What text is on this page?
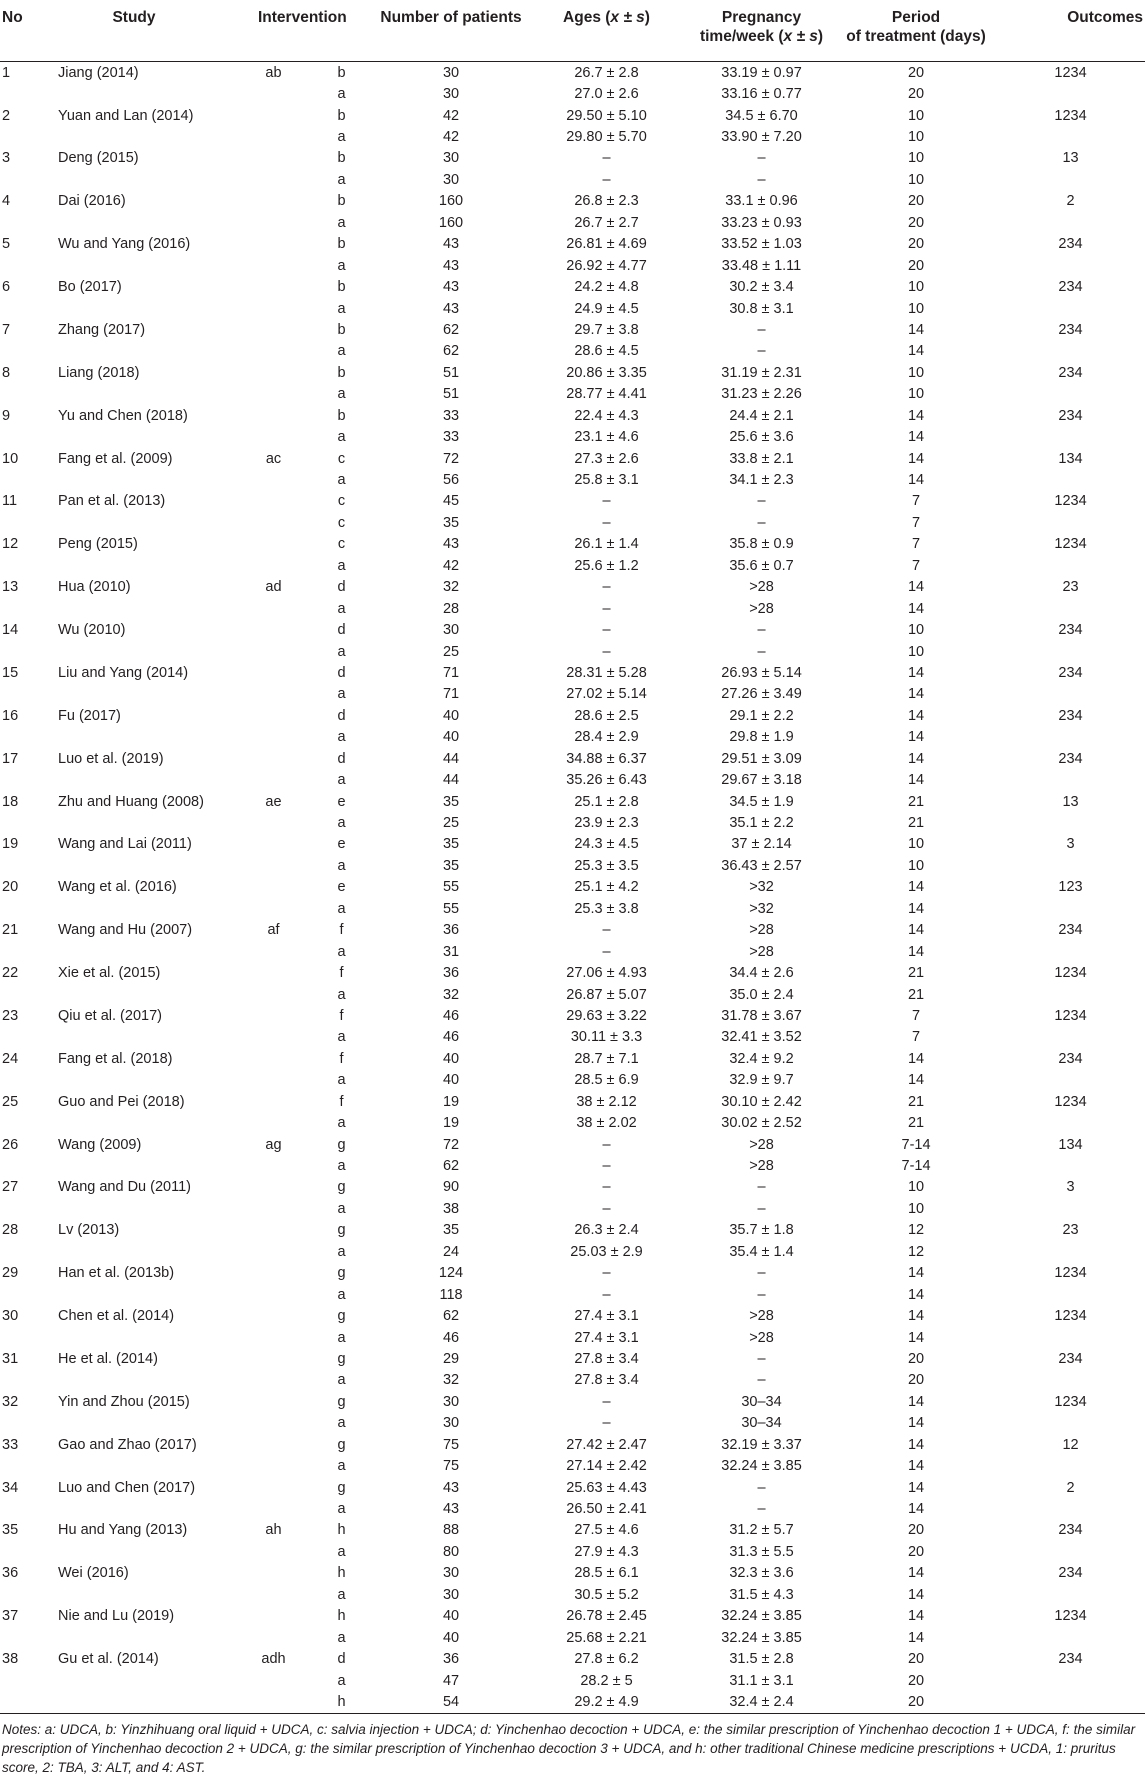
No	Study	Intervention		Number of patients	Ages (x ± s)	Pregnancy
time/week (x ± s)	Period
of treatment (days)	Outcomes
1	Jiang (2014)	ab	b	30	26.7 ± 2.8	33.19 ± 0.97	20	1234
			a	30	27.0 ± 2.6	33.16 ± 0.77	20	
2	Yuan and Lan (2014)		b	42	29.50 ± 5.10	34.5 ± 6.70	10	1234
			a	42	29.80 ± 5.70	33.90 ± 7.20	10	
3	Deng (2015)		b	30	–	–	10	13
			a	30	–	–	10	
4	Dai (2016)		b	160	26.8 ± 2.3	33.1 ± 0.96	20	2
			a	160	26.7 ± 2.7	33.23 ± 0.93	20	
5	Wu and Yang (2016)		b	43	26.81 ± 4.69	33.52 ± 1.03	20	234
			a	43	26.92 ± 4.77	33.48 ± 1.11	20	
6	Bo (2017)		b	43	24.2 ± 4.8	30.2 ± 3.4	10	234
			a	43	24.9 ± 4.5	30.8 ± 3.1	10	
7	Zhang (2017)		b	62	29.7 ± 3.8	–	14	234
			a	62	28.6 ± 4.5	–	14	
8	Liang (2018)		b	51	20.86 ± 3.35	31.19 ± 2.31	10	234
			a	51	28.77 ± 4.41	31.23 ± 2.26	10	
9	Yu and Chen (2018)		b	33	22.4 ± 4.3	24.4 ± 2.1	14	234
			a	33	23.1 ± 4.6	25.6 ± 3.6	14	
10	Fang et al. (2009)	ac	c	72	27.3 ± 2.6	33.8 ± 2.1	14	134
			a	56	25.8 ± 3.1	34.1 ± 2.3	14	
11	Pan et al. (2013)		c	45	–	–	7	1234
			c	35	–	–	7	
12	Peng (2015)		c	43	26.1 ± 1.4	35.8 ± 0.9	7	1234
			a	42	25.6 ± 1.2	35.6 ± 0.7	7	
13	Hua (2010)	ad	d	32	–	>28	14	23
			a	28	–	>28	14	
14	Wu (2010)		d	30	–	–	10	234
			a	25	–	–	10	
15	Liu and Yang (2014)		d	71	28.31 ± 5.28	26.93 ± 5.14	14	234
			a	71	27.02 ± 5.14	27.26 ± 3.49	14	
16	Fu (2017)		d	40	28.6 ± 2.5	29.1 ± 2.2	14	234
			a	40	28.4 ± 2.9	29.8 ± 1.9	14	
17	Luo et al. (2019)		d	44	34.88 ± 6.37	29.51 ± 3.09	14	234
			a	44	35.26 ± 6.43	29.67 ± 3.18	14	
18	Zhu and Huang (2008)	ae	e	35	25.1 ± 2.8	34.5 ± 1.9	21	13
			a	25	23.9 ± 2.3	35.1 ± 2.2	21	
19	Wang and Lai (2011)		e	35	24.3 ± 4.5	37 ± 2.14	10	3
			a	35	25.3 ± 3.5	36.43 ± 2.57	10	
20	Wang et al. (2016)		e	55	25.1 ± 4.2	>32	14	123
			a	55	25.3 ± 3.8	>32	14	
21	Wang and Hu (2007)	af	f	36	–	>28	14	234
			a	31	–	>28	14	
22	Xie et al. (2015)		f	36	27.06 ± 4.93	34.4 ± 2.6	21	1234
			a	32	26.87 ± 5.07	35.0 ± 2.4	21	
23	Qiu et al. (2017)		f	46	29.63 ± 3.22	31.78 ± 3.67	7	1234
			a	46	30.11 ± 3.3	32.41 ± 3.52	7	
24	Fang et al. (2018)		f	40	28.7 ± 7.1	32.4 ± 9.2	14	234
			a	40	28.5 ± 6.9	32.9 ± 9.7	14	
25	Guo and Pei (2018)		f	19	38 ± 2.12	30.10 ± 2.42	21	1234
			a	19	38 ± 2.02	30.02 ± 2.52	21	
26	Wang (2009)	ag	g	72	–	>28	7-14	134
			a	62	–	>28	7-14	
27	Wang and Du (2011)		g	90	–	–	10	3
			a	38	–	–	10	
28	Lv (2013)		g	35	26.3 ± 2.4	35.7 ± 1.8	12	23
			a	24	25.03 ± 2.9	35.4 ± 1.4	12	
29	Han et al. (2013b)		g	124	–	–	14	1234
			a	118	–	–	14	
30	Chen et al. (2014)		g	62	27.4 ± 3.1	>28	14	1234
			a	46	27.4 ± 3.1	>28	14	
31	He et al. (2014)		g	29	27.8 ± 3.4	–	20	234
			a	32	27.8 ± 3.4	–	20	
32	Yin and Zhou (2015)		g	30	–	30–34	14	1234
			a	30	–	30–34	14	
33	Gao and Zhao (2017)		g	75	27.42 ± 2.47	32.19 ± 3.37	14	12
			a	75	27.14 ± 2.42	32.24 ± 3.85	14	
34	Luo and Chen (2017)		g	43	25.63 ± 4.43	–	14	2
			a	43	26.50 ± 2.41	–	14	
35	Hu and Yang (2013)	ah	h	88	27.5 ± 4.6	31.2 ± 5.7	20	234
			a	80	27.9 ± 4.3	31.3 ± 5.5	20	
36	Wei (2016)		h	30	28.5 ± 6.1	32.3 ± 3.6	14	234
			a	30	30.5 ± 5.2	31.5 ± 4.3	14	
37	Nie and Lu (2019)		h	40	26.78 ± 2.45	32.24 ± 3.85	14	1234
			a	40	25.68 ± 2.21	32.24 ± 3.85	14	
38	Gu et al. (2014)	adh	d	36	27.8 ± 6.2	31.5 ± 2.8	20	234
			a	47	28.2 ± 5	31.1 ± 3.1	20	
			h	54	29.2 ± 4.9	32.4 ± 2.4	20	

Notes: a: UDCA, b: Yinzhihuang oral liquid + UDCA, c: salvia injection + UDCA; d: Yinchenhao decoction + UDCA, e: the similar prescription of Yinchenhao decoction 1 + UDCA, f: the similar prescription of Yinchenhao decoction 2 + UDCA, g: the similar prescription of Yinchenhao decoction 3 + UDCA, and h: other traditional Chinese medicine prescriptions + UCDA, 1: pruritus score, 2: TBA, 3: ALT, and 4: AST.
